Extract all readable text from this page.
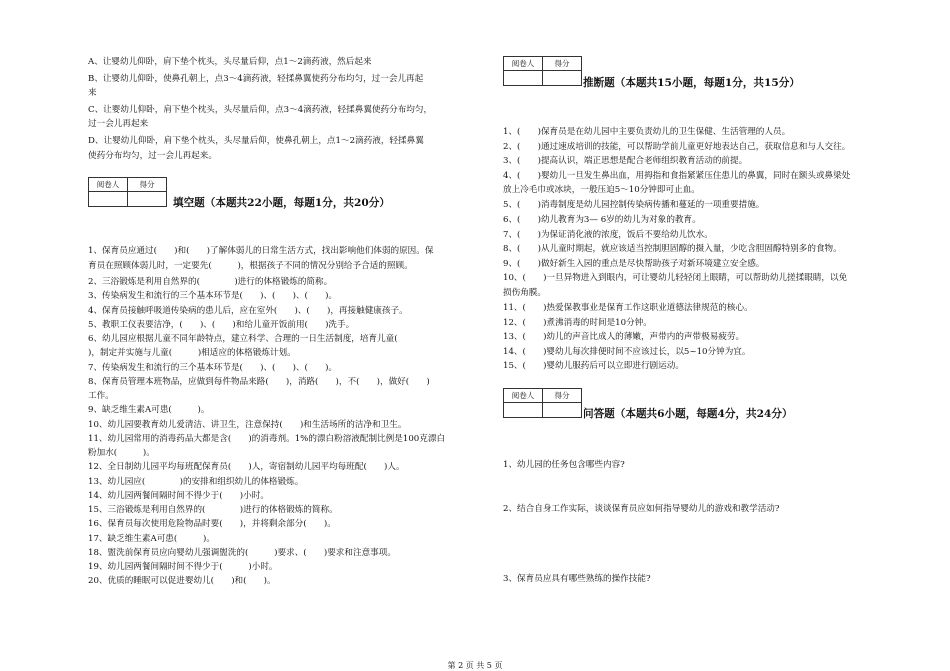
A、让婴幼儿仰卧，肩下垫个枕头，头尽量后仰，点1～2滴药液，然后起来
B、让婴幼儿仰卧，使鼻孔朝上，点3～4滴药液，轻揉鼻翼使药分布均匀，过一会儿再起
来
C、让婴幼儿仰卧，肩下垫个枕头，头尽量后仰，点3～4滴药液，轻揉鼻翼使药分布均匀，
过一会儿再起来
D、让婴幼儿仰卧，肩下垫个枕头，头尽量后仰，使鼻孔朝上，点1～2滴药液，轻揉鼻翼
使药分布均匀，过一会儿再起来。
阅卷人	得分

填空题（本题共22小题，每题1分，共20分）
1、保育员应通过(　　)和(　　)了解体弱儿的日常生活方式，找出影响他们体弱的原因。保
育员在照顾体弱儿时，一定要先(　　　)，根据孩子不同的情况分别给予合适的照顾。
2、三浴锻炼是利用自然界的(　　　　)进行的体格锻炼的简称。
3、传染病发生和流行的三个基本环节是(　　)、(　　)、(　　)。
4、保育员接触呼吸道传染病的患儿后，应在室外(　　)、(　　)，再接触健康孩子。
5、教职工仪表要洁净，(　　)、(　　)和给儿童开饭前用(　　)洗手。
6、幼儿园应根据儿童不同年龄特点，建立科学、合理的一日生活制度，培育儿童(　　
)，制定并实施与儿童(　　　)相适应的体格锻炼计划。
7、传染病发生和流行的三个基本环节是(　　)、(　　)、(　　)。
8、保育员管理本班物品，应做到每件物品来路(　　)，消路(　　)，不(　　)，做好(　　)
工作。
9、缺乏维生素A可患(　　　)。
10、幼儿园要教育幼儿爱清洁、讲卫生，注意保持(　　)和生活场所的洁净和卫生。
11、幼儿园常用的消毒药品大都是含(　　)的消毒剂。1%的漂白粉溶液配制比例是100克漂白
粉加水(　　　)。
12、全日制幼儿园平均每班配保育员(　　)人，寄宿制幼儿园平均每班配(　　)人。
13、幼儿园应(　　　　)的安排和组织幼儿的体格锻炼。
14、幼儿园两餐间隔时间不得少于(　　)小时。
15、三浴锻炼是利用自然界的(　　　　)进行的体格锻炼的简称。
16、保育员每次使用危险物品时要(　　)，并将剩余部分(　　)。
17、缺乏维生素A可患(　　　)。
18、盥洗前保育员应向婴幼儿强调盥洗的(　　　)要求、(　　)要求和注意事项。
19、幼儿园两餐间隔时间不得少于(　　　)小时。
20、优质的睡眠可以促进婴幼儿(　　)和(　　)。
阅卷人	得分

推断题（本题共15小题，每题1分，共15分）
1、(　　)保育员是在幼儿园中主要负责幼儿的卫生保健、生活管理的人员。
2、(　　)通过速成培训的技能，可以帮助学前儿童更好地表达自己，获取信息和与人交往。
3、(　　)提高认识，端正思想是配合老师组织教育活动的前提。
4、(　　)婴幼儿一旦发生鼻出血，用拇指和食指紧紧压住患儿的鼻翼，同时在额头或鼻梁处
放上冷毛巾或冰块，一般压迫5～10分钟即可止血。
5、(　　)消毒制度是幼儿园控制传染病传播和蔓延的一项重要措施。
6、(　　)幼儿教育为3— 6岁的幼儿为对象的教育。
7、(　　)为保证消化液的浓度，饭后不要给幼儿饮水。
8、(　　)从儿童时期起，就应该适当控制胆固醇的摄入量，少吃含胆固醇特别多的食物。
9、(　　)做好新生入园的重点是尽快帮助孩子对新环境建立安全感。
10、(　　)一旦异物进入到眼内，可让婴幼儿轻轻闭上眼睛，可以帮助幼儿搓揉眼睛，以免
损伤角膜。
11、(　　)热爱保教事业是保育工作这职业道德法律规范的核心。
12、(　　)煮沸消毒的时间是10分钟。
13、(　　)幼儿的声音比成人的薄嫩，声带内的声带极易疲劳。
14、(　　)婴幼儿每次排便时间不应该过长，以5~10分钟为宜。
15、(　　)婴幼儿服药后可以立即进行剧运动。
阅卷人	得分

问答题（本题共6小题，每题4分，共24分）
1、幼儿园的任务包含哪些内容?
2、结合自身工作实际，谈谈保育员应如何指导婴幼儿的游戏和教学活动?
3、保育员应具有哪些熟练的操作技能?
第 2 页 共 5 页
